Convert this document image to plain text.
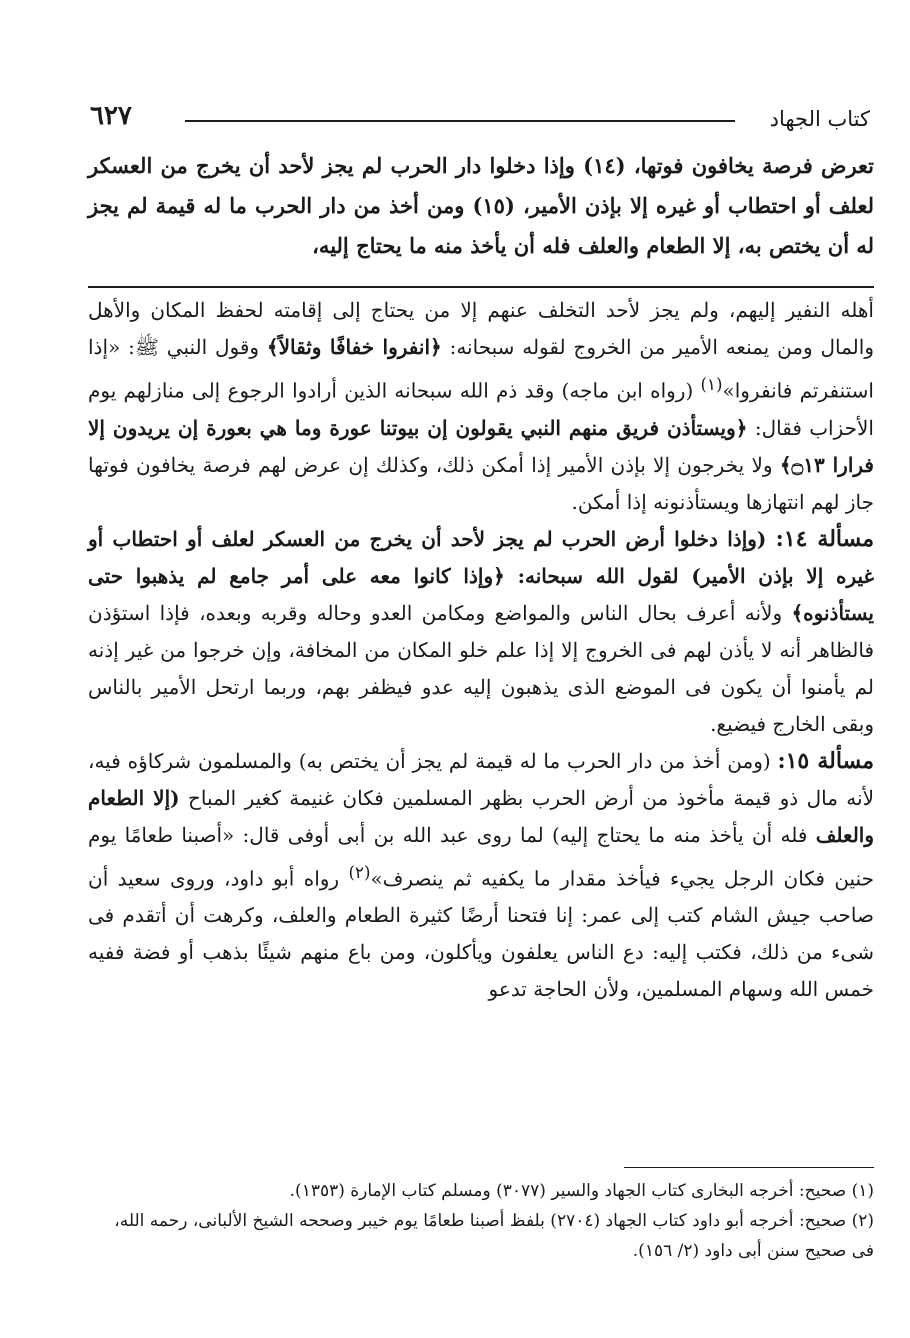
كتاب الجهاد
٦٢٧
تعرض فرصة يخافون فوتها، (١٤) وإذا دخلوا دار الحرب لم يجز لأحد أن يخرج من العسكر لعلف أو احتطاب أو غيره إلا بإذن الأمير، (١٥) ومن أخذ من دار الحرب ما له قيمة لم يجز له أن يختص به، إلا الطعام والعلف فله أن يأخذ منه ما يحتاج إليه،

أهله النفير إليهم، ولم يجز لأحد التخلف عنهم إلا من يحتاج إلى إقامته لحفظ المكان والأهل والمال ومن يمنعه الأمير من الخروج لقوله سبحانه: ﴿انفروا خفافًا وثقالاً﴾ وقول النبي ﷺ: «إذا استنفرتم فانفروا»$^{(١)}$ (رواه ابن ماجه) وقد ذم الله سبحانه الذين أرادوا الرجوع إلى منازلهم يوم الأحزاب فقال: ﴿ويستأذن فريق منهم النبي يقولون إن بيوتنا عورة وما هي بعورة إن يريدون إلا فرارا ۝١٣﴾ ولا يخرجون إلا بإذن الأمير إذا أمكن ذلك، وكذلك إن عرض لهم فرصة يخافون فوتها جاز لهم انتهازها ويستأذنونه إذا أمكن.

مسألة ١٤: (وإذا دخلوا أرض الحرب لم يجز لأحد أن يخرج من العسكر لعلف أو احتطاب أو غيره إلا بإذن الأمير) لقول الله سبحانه: ﴿وإذا كانوا معه على أمر جامع لم يذهبوا حتى يستأذنوه﴾ ولأنه أعرف بحال الناس والمواضع ومكامن العدو وحاله وقربه وبعده، فإذا استؤذن فالظاهر أنه لا يأذن لهم فى الخروج إلا إذا علم خلو المكان من المخافة، وإن خرجوا من غير إذنه لم يأمنوا أن يكون فى الموضع الذى يذهبون إليه عدو فيظفر بهم، وربما ارتحل الأمير بالناس وبقى الخارج فيضيع.

مسألة ١٥: (ومن أخذ من دار الحرب ما له قيمة لم يجز أن يختص به) والمسلمون شركاؤه فيه، لأنه مال ذو قيمة مأخوذ من أرض الحرب بظهر المسلمين فكان غنيمة كغير المباح (إلا الطعام والعلف فله أن يأخذ منه ما يحتاج إليه) لما روى عبد الله بن أبى أوفى قال: «أصبنا طعامًا يوم حنين فكان الرجل يجيء فيأخذ مقدار ما يكفيه ثم ينصرف»$^{(٢)}$ رواه أبو داود، وروى سعيد أن صاحب جيش الشام كتب إلى عمر: إنا فتحنا أرضًا كثيرة الطعام والعلف، وكرهت أن أتقدم فى شىء من ذلك، فكتب إليه: دع الناس يعلفون ويأكلون، ومن باع منهم شيئًا بذهب أو فضة ففيه خمس الله وسهام المسلمين، ولأن الحاجة تدعو

(١) صحيح: أخرجه البخارى كتاب الجهاد والسير (٣٠٧٧) ومسلم كتاب الإمارة (١٣٥٣).

(٢) صحيح: أخرجه أبو داود كتاب الجهاد (٢٧٠٤) بلفظ أصبنا طعامًا يوم خيبر وصححه الشيخ الألبانى، رحمه الله، فى صحيح سنن أبى داود (٢/ ١٥٦).
